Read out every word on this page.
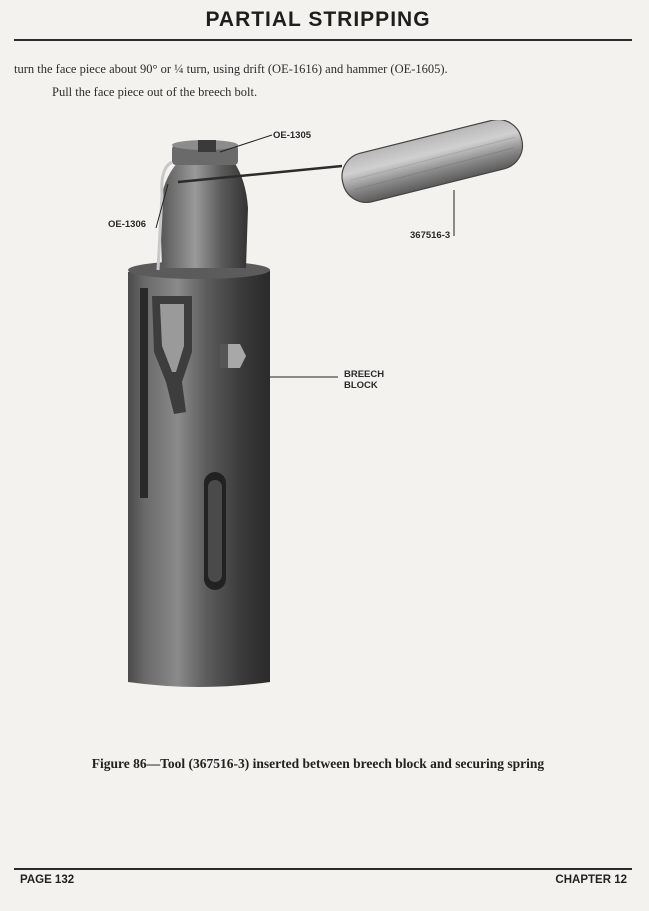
PARTIAL STRIPPING
turn the face piece about 90° or ¼ turn, using drift (OE-1616) and hammer (OE-1605).
Pull the face piece out of the breech bolt.
OE-1305
OE-1306
367516-3
BREECH
BLOCK
Figure 86—Tool (367516-3) inserted between breech block and securing spring
PAGE 132	CHAPTER 12
